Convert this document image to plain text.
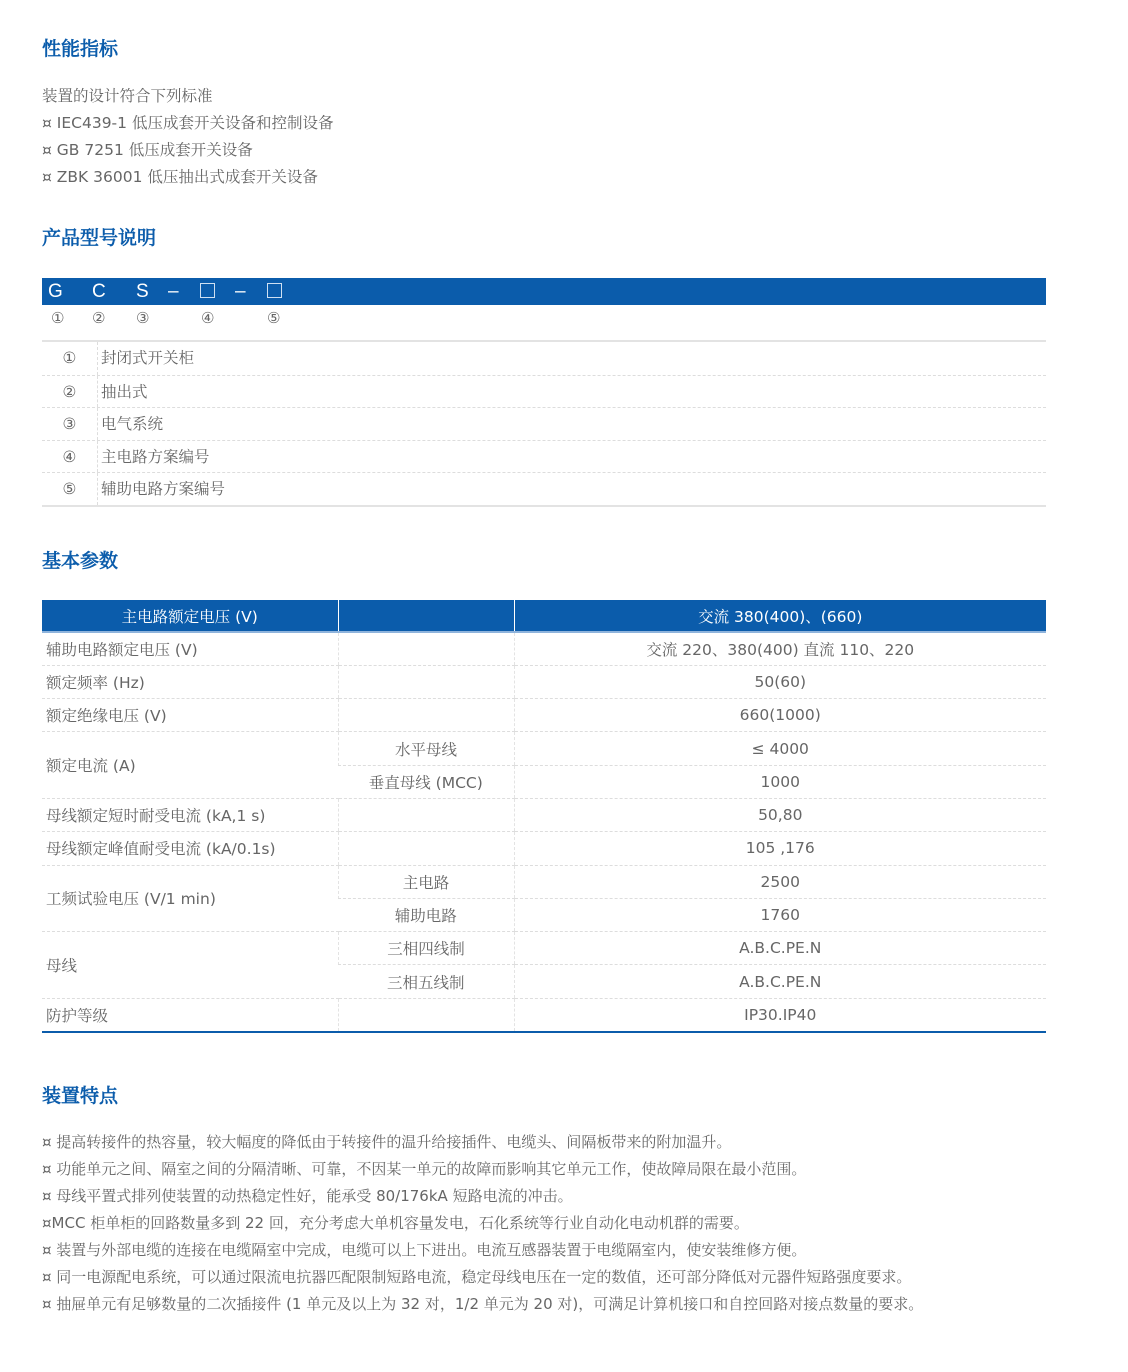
性能指标
装置的设计符合下列标准
¤ IEC439-1 低压成套开关设备和控制设备
¤ GB 7251 低压成套开关设备
¤ ZBK 36001 低压抽出式成套开关设备
产品型号说明
G C S –	–
① ② ③	④	⑤
①	封闭式开关柜
②	抽出式
③	电气系统
④	主电路方案编号
⑤	辅助电路方案编号
基本参数
主电路额定电压 (V)		交流 380(400)、(660)
辅助电路额定电压 (V)		交流 220、380(400) 直流 110、220
额定频率 (Hz)		50(60)
额定绝缘电压 (V)		660(1000)
额定电流 (A)	水平母线	≤ 4000
	垂直母线 (MCC)	1000
母线额定短时耐受电流 (kA,1 s)		50,80
母线额定峰值耐受电流 (kA/0.1s)		105 ,176
工频试验电压 (V/1 min)	主电路	2500
	辅助电路	1760
母线	三相四线制	A.B.C.PE.N
	三相五线制	A.B.C.PE.N
防护等级		IP30.IP40
装置特点
¤ 提高转接件的热容量，较大幅度的降低由于转接件的温升给接插件、电缆头、间隔板带来的附加温升。
¤ 功能单元之间、隔室之间的分隔清晰、可靠，不因某一单元的故障而影响其它单元工作，使故障局限在最小范围。
¤ 母线平置式排列使装置的动热稳定性好，能承受 80/176kA 短路电流的冲击。
¤MCC 柜单柜的回路数量多到 22 回，充分考虑大单机容量发电，石化系统等行业自动化电动机群的需要。
¤ 装置与外部电缆的连接在电缆隔室中完成，电缆可以上下进出。电流互感器装置于电缆隔室内，使安装维修方便。
¤ 同一电源配电系统，可以通过限流电抗器匹配限制短路电流，稳定母线电压在一定的数值，还可部分降低对元器件短路强度要求。
¤ 抽屉单元有足够数量的二次插接件 (1 单元及以上为 32 对，1/2 单元为 20 对)，可满足计算机接口和自控回路对接点数量的要求。
